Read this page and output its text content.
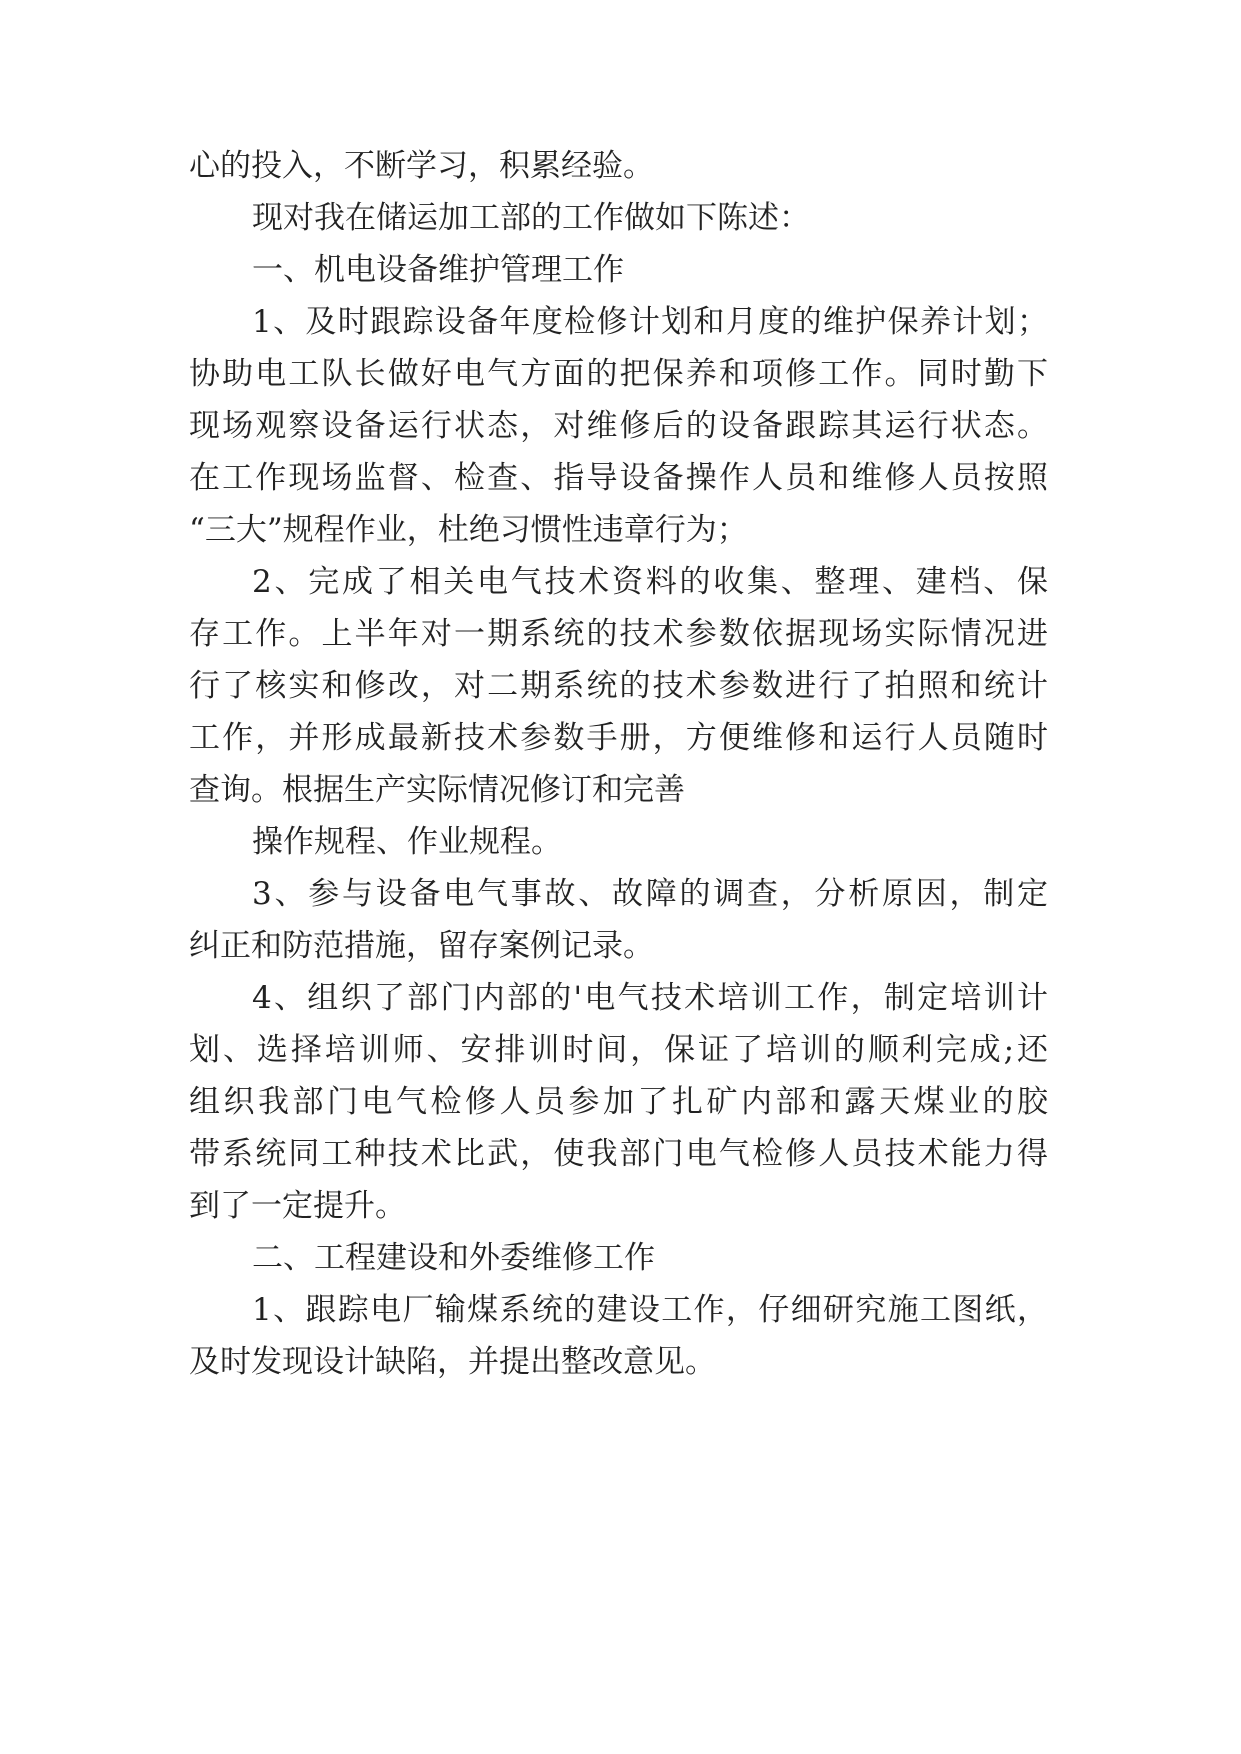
心的投入，不断学习，积累经验。
现对我在储运加工部的工作做如下陈述：
一、机电设备维护管理工作
1、及时跟踪设备年度检修计划和月度的维护保养计划；
协助电工队长做好电气方面的把保养和项修工作。同时勤下
现场观察设备运行状态，对维修后的设备跟踪其运行状态。
在工作现场监督、检查、指导设备操作人员和维修人员按照
“三大”规程作业，杜绝习惯性违章行为；
2、完成了相关电气技术资料的收集、整理、建档、保
存工作。上半年对一期系统的技术参数依据现场实际情况进
行了核实和修改，对二期系统的技术参数进行了拍照和统计
工作，并形成最新技术参数手册，方便维修和运行人员随时
查询。根据生产实际情况修订和完善
操作规程、作业规程。
3、参与设备电气事故、故障的调查，分析原因，制定
纠正和防范措施，留存案例记录。
4、组织了部门内部的'电气技术培训工作，制定培训计
划、选择培训师、安排训时间，保证了培训的顺利完成;还
组织我部门电气检修人员参加了扎矿内部和露天煤业的胶
带系统同工种技术比武，使我部门电气检修人员技术能力得
到了一定提升。
二、工程建设和外委维修工作
1、跟踪电厂输煤系统的建设工作，仔细研究施工图纸，
及时发现设计缺陷，并提出整改意见。
